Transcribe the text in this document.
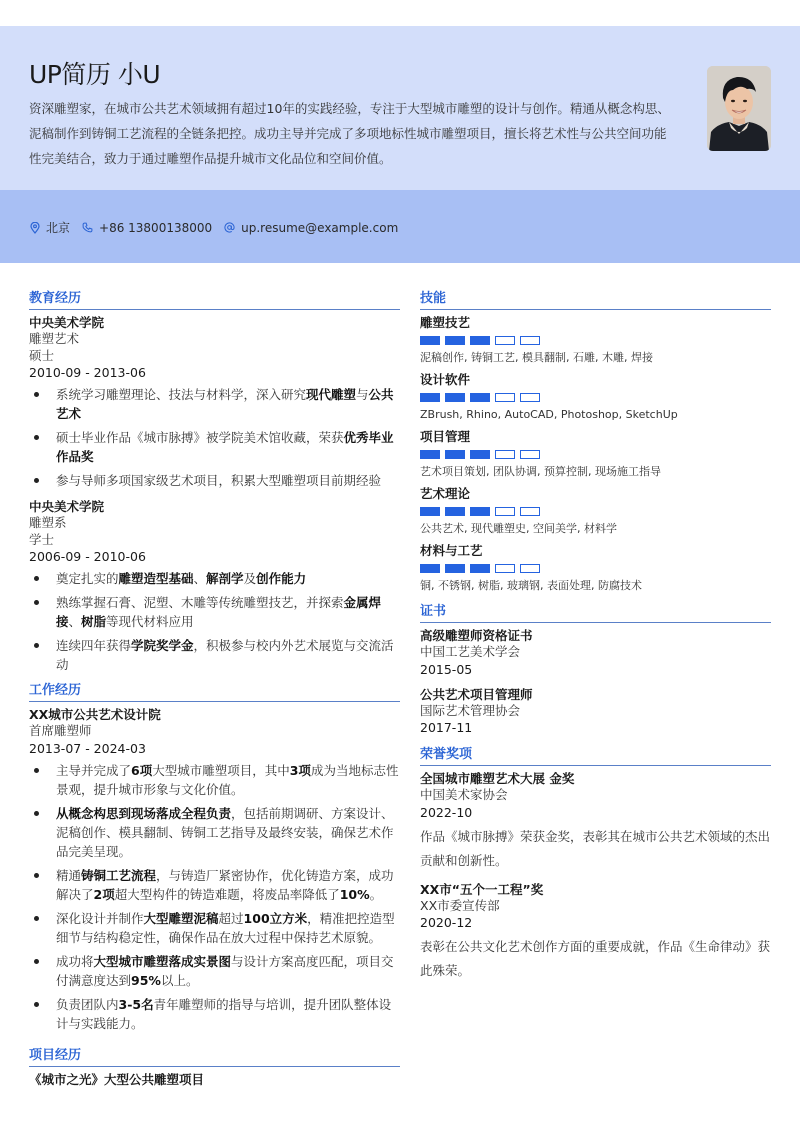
UP简历 小U
资深雕塑家，在城市公共艺术领域拥有超过10年的实践经验，专注于大型城市雕塑的设计与创作。精通从概念构思、泥稿制作到铸铜工艺流程的全链条把控。成功主导并完成了多项地标性城市雕塑项目，擅长将艺术性与公共空间功能性完美结合，致力于通过雕塑作品提升城市文化品位和空间价值。
北京 +86 13800138000 up.resume@example.com
教育经历
中央美术学院
雕塑艺术
硕士
2010-09 - 2013-06
系统学习雕塑理论、技法与材料学，深入研究现代雕塑与公共艺术
硕士毕业作品《城市脉搏》被学院美术馆收藏，荣获优秀毕业作品奖
参与导师多项国家级艺术项目，积累大型雕塑项目前期经验
中央美术学院
雕塑系
学士
2006-09 - 2010-06
奠定扎实的雕塑造型基础、解剖学及创作能力
熟练掌握石膏、泥塑、木雕等传统雕塑技艺，并探索金属焊接、树脂等现代材料应用
连续四年获得学院奖学金，积极参与校内外艺术展览与交流活动
工作经历
XX城市公共艺术设计院
首席雕塑师
2013-07 - 2024-03
主导并完成了6项大型城市雕塑项目，其中3项成为当地标志性景观，提升城市形象与文化价值。
从概念构思到现场落成全程负责，包括前期调研、方案设计、泥稿创作、模具翻制、铸铜工艺指导及最终安装，确保艺术作品完美呈现。
精通铸铜工艺流程，与铸造厂紧密协作，优化铸造方案，成功解决了2项超大型构件的铸造难题，将废品率降低了10%。
深化设计并制作大型雕塑泥稿超过100立方米，精准把控造型细节与结构稳定性，确保作品在放大过程中保持艺术原貌。
成功将大型城市雕塑落成实景图与设计方案高度匹配，项目交付满意度达到95%以上。
负责团队内3-5名青年雕塑师的指导与培训，提升团队整体设计与实践能力。
项目经历
《城市之光》大型公共雕塑项目
技能
雕塑技艺
泥稿创作, 铸铜工艺, 模具翻制, 石雕, 木雕, 焊接
设计软件
ZBrush, Rhino, AutoCAD, Photoshop, SketchUp
项目管理
艺术项目策划, 团队协调, 预算控制, 现场施工指导
艺术理论
公共艺术, 现代雕塑史, 空间美学, 材料学
材料与工艺
铜, 不锈钢, 树脂, 玻璃钢, 表面处理, 防腐技术
证书
高级雕塑师资格证书
中国工艺美术学会
2015-05
公共艺术项目管理师
国际艺术管理协会
2017-11
荣誉奖项
全国城市雕塑艺术大展 金奖
中国美术家协会
2022-10
作品《城市脉搏》荣获金奖，表彰其在城市公共艺术领域的杰出贡献和创新性。
XX市“五个一工程”奖
XX市委宣传部
2020-12
表彰在公共文化艺术创作方面的重要成就，作品《生命律动》获此殊荣。
